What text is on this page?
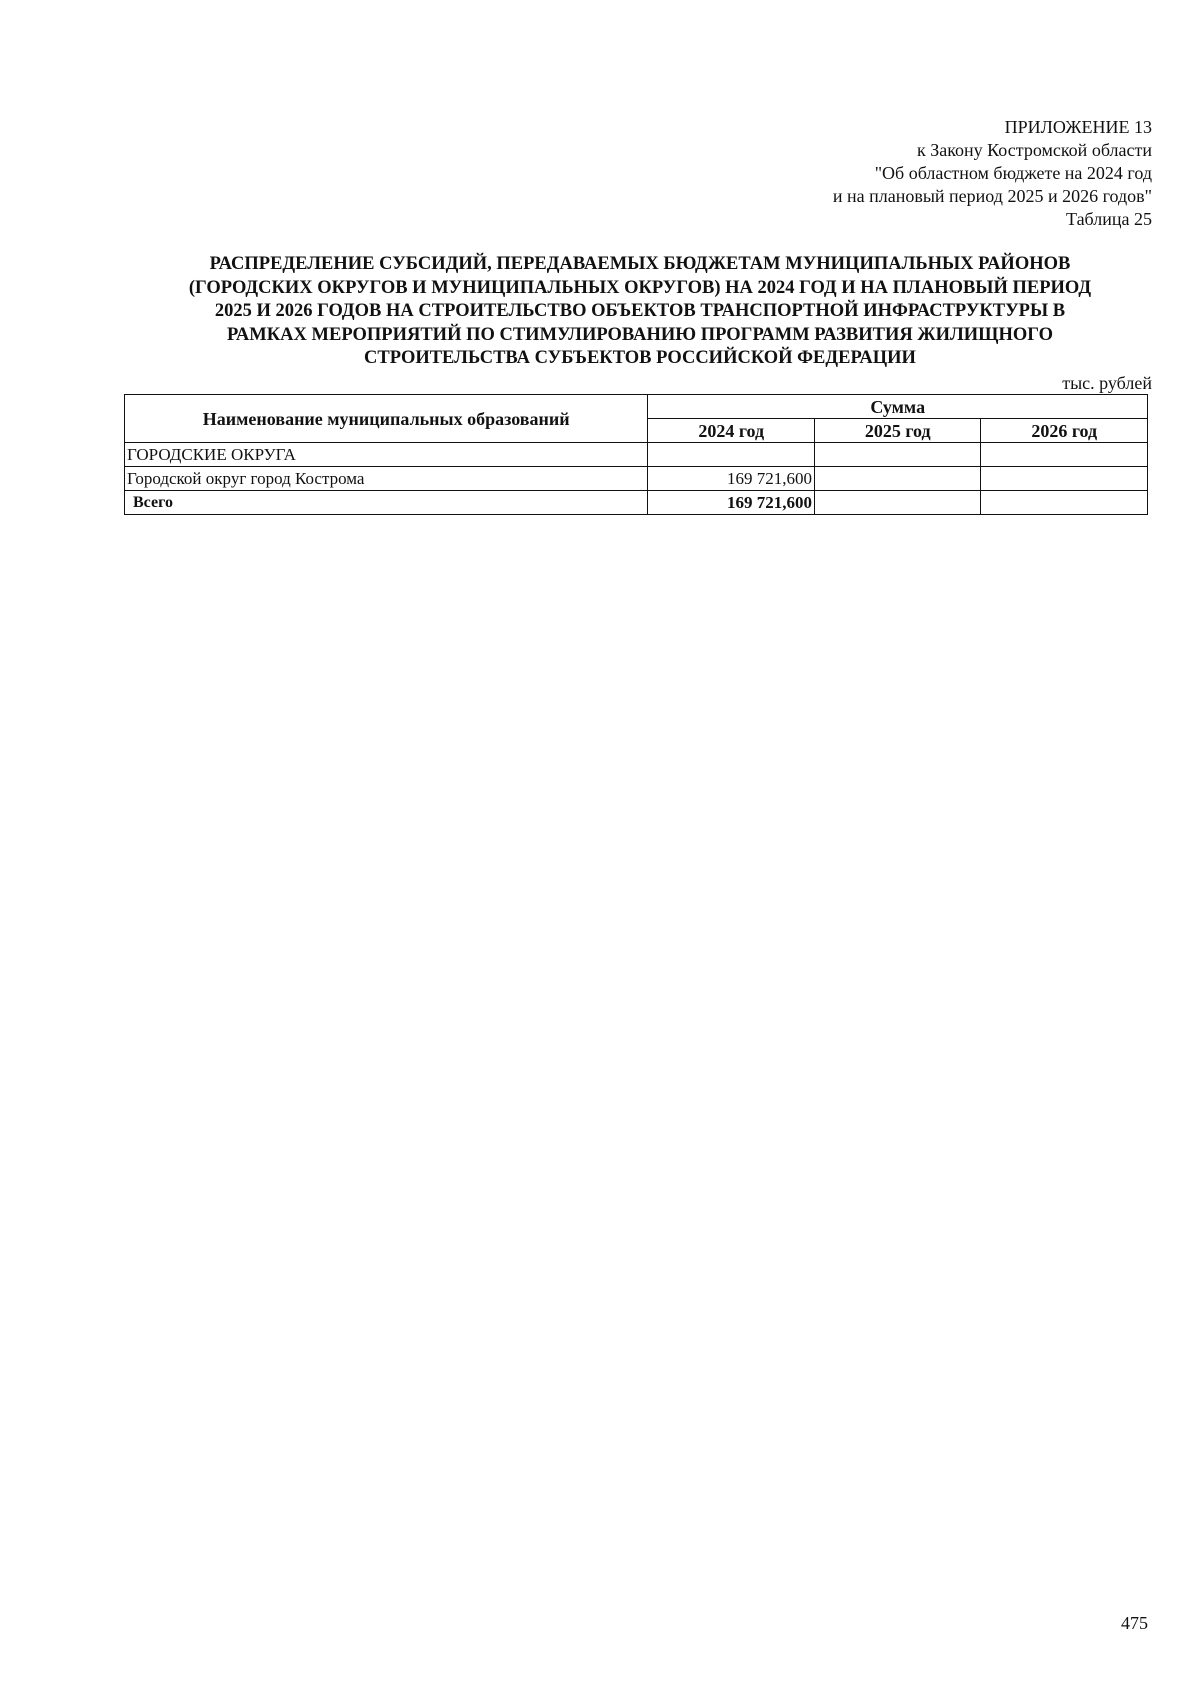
ПРИЛОЖЕНИЕ 13
к Закону Костромской области
"Об областном бюджете на 2024 год
и на плановый период 2025 и 2026 годов"
Таблица 25
РАСПРЕДЕЛЕНИЕ СУБСИДИЙ, ПЕРЕДАВАЕМЫХ БЮДЖЕТАМ МУНИЦИПАЛЬНЫХ РАЙОНОВ
(ГОРОДСКИХ ОКРУГОВ И МУНИЦИПАЛЬНЫХ ОКРУГОВ) НА 2024 ГОД И НА ПЛАНОВЫЙ ПЕРИОД
2025 И 2026 ГОДОВ НА СТРОИТЕЛЬСТВО ОБЪЕКТОВ ТРАНСПОРТНОЙ ИНФРАСТРУКТУРЫ В
РАМКАХ МЕРОПРИЯТИЙ ПО СТИМУЛИРОВАНИЮ ПРОГРАММ РАЗВИТИЯ ЖИЛИЩНОГО
СТРОИТЕЛЬСТВА СУБЪЕКТОВ РОССИЙСКОЙ ФЕДЕРАЦИИ
тыс. рублей
Наименование муниципальных образований	Сумма		
	2024 год	2025 год	2026 год
ГОРОДСКИЕ ОКРУГА			
Городской округ город Кострома	169 721,600		
Всего	169 721,600		
475
